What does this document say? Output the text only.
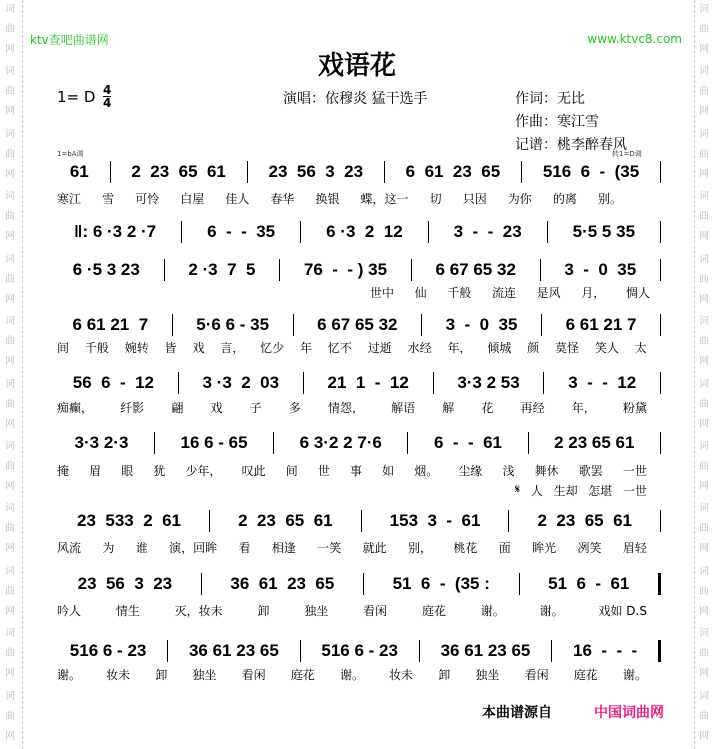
词
曲
网
词
曲
网
词
曲
网
词
曲
网
词
曲
网
词
曲
网
词
曲
网
词
曲
网
词
曲
网
词
曲
网
词
曲
网
词
曲
网
词
曲
网
词
曲
网
词
曲
网
词
曲
网
词
曲
网
词
曲
网
词
曲
网
词
曲
网
词
曲
网
词
曲
网
词
曲
网
词
曲
网
ktv查吧曲谱网	www.ktvc8.com
戏语花
1= D $\frac{4}{4}$	演唱：依穆炎 猛干选手	作词：无比
作曲：寒江雪
记谱：桃李醉春风
1=bA调	转1=D调
61	2  23  65  61	23  56  3  23	6  61  23  65	516  6  -  (35
寒江 雪 可怜 白屋 佳人 春华 换银 蝶，这一 切 只因 为你 的离 别。

‖: 6 ·3 2 ·7	6  -  -  35	6 ·3  2  12	3  -  -  23	5·5 5 35
6 ·5 3 23	2 ·3  7  5	76  -  - ) 35	6 67 65 32	3  -  0  35
世中 仙 千般 流连 是风 月， 惆人
6 61 21  7	5·6 6 - 35	6 67 65 32	3  -  0  35	6 61 21 7
间 千般 婉转 皆 戏 言， 忆少 年 忆不 过逝 水经 年， 倾城 颜 莫怪 笑人 太
56  6  -  12	3 ·3  2  03	21  1  -  12	3·3 2 53	3  -  -  12
痴癫， 纤影 翩 戏 子 多 情怨， 解语 解 花 再经 年， 粉黛
3·3 2·3	16 6 - 65	6 3·2 2 7·6	6  -  -  61	2 23 65 61
掩 眉 眼 犹 少年， 叹此 间 世 事 如 烟。 尘缘 浅 舞休 歌罢 一世
𝄋 人 生却 怎堪 一世
23  533  2  61	2  23  65  61	153  3  -  61	2  23  65  61
风流 为 谁 演，回眸 看 相逢 一笑 就此 别， 桃花 面 眸光 冽笑 眉轻
23  56  3  23	36  61  23  65	51  6  -  (35 :	51  6  -  61
吟人	情生	灭，妆未	卸	独坐	看闲	庭花	谢。	谢。	戏如 D.S
516 6 - 23	36 61 23 65	516 6 - 23	36 61 23 65	16  -  -  -
谢。 妆未 卸 独坐 看闲 庭花 谢。 妆未 卸 独坐 看闲 庭花 谢。
本曲谱源自	中国词曲网
